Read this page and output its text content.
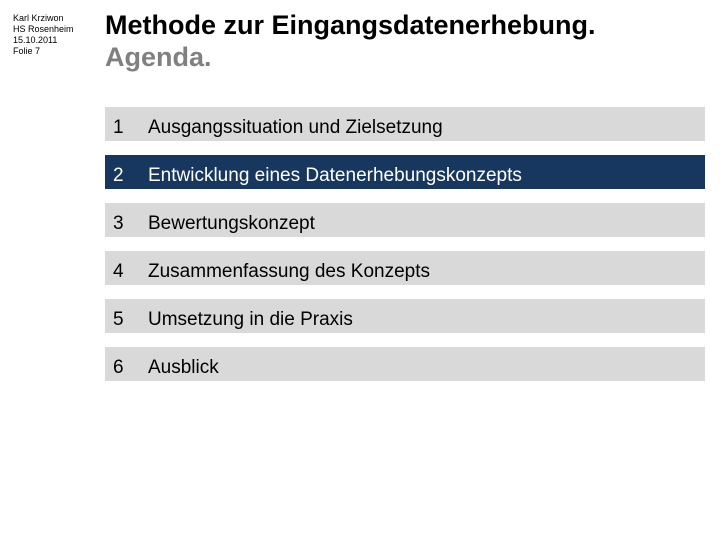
Karl Krziwon
HS Rosenheim
15.10.2011
Folie 7
Methode zur Eingangsdatenerhebung.
Agenda.
1 Ausgangssituation und Zielsetzung
2 Entwicklung eines Datenerhebungskonzepts
3 Bewertungskonzept
4 Zusammenfassung des Konzepts
5 Umsetzung in die Praxis
6 Ausblick
